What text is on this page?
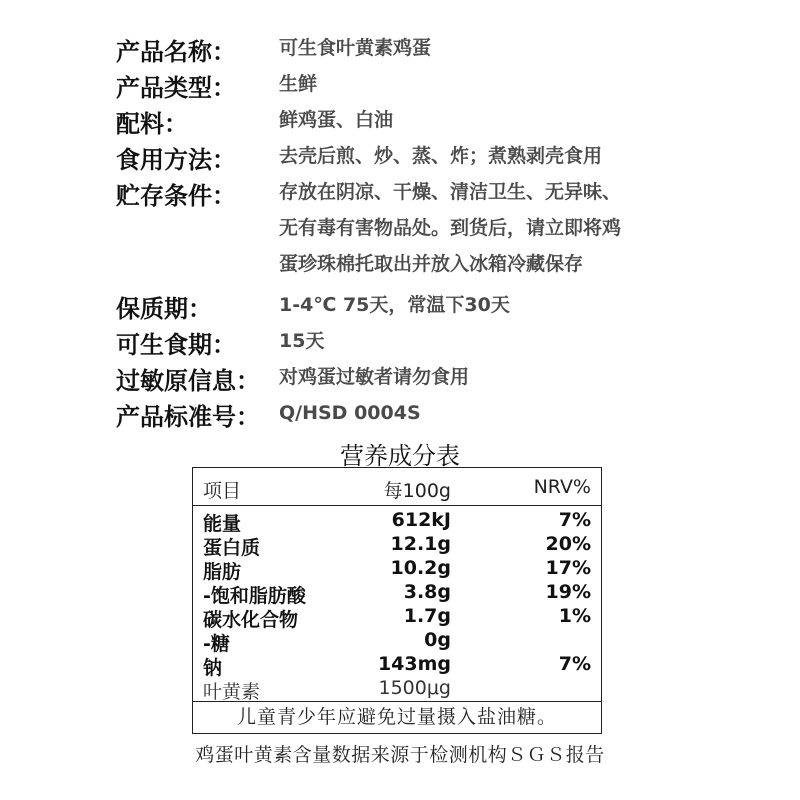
产品名称： 可生食叶黄素鸡蛋
产品类型： 生鲜
配料：	鲜鸡蛋、白油
食用方法： 去壳后煎、炒、蒸、炸；煮熟剥壳食用
贮存条件： 存放在阴凉、干燥、清洁卫生、无异味、
无有毒有害物品处。到货后，请立即将鸡
蛋珍珠棉托取出并放入冰箱冷藏保存
保质期：	1-4℃ 75天，常温下30天
可生食期： 15天
过敏原信息： 对鸡蛋过敏者请勿食用
产品标准号： Q/HSD 0004S
营养成分表
项目	每100g	NRV%
能量	612kJ	7%
蛋白质	12.1g	20%
脂肪	10.2g	17%
-饱和脂肪酸	3.8g	19%
碳水化合物	1.7g	1%
-糖	0g
钠	143mg	7%
叶黄素	1500μg
儿童青少年应避免过量摄入盐油糖。
鸡蛋叶黄素含量数据来源于检测机构ＳＧＳ报告
